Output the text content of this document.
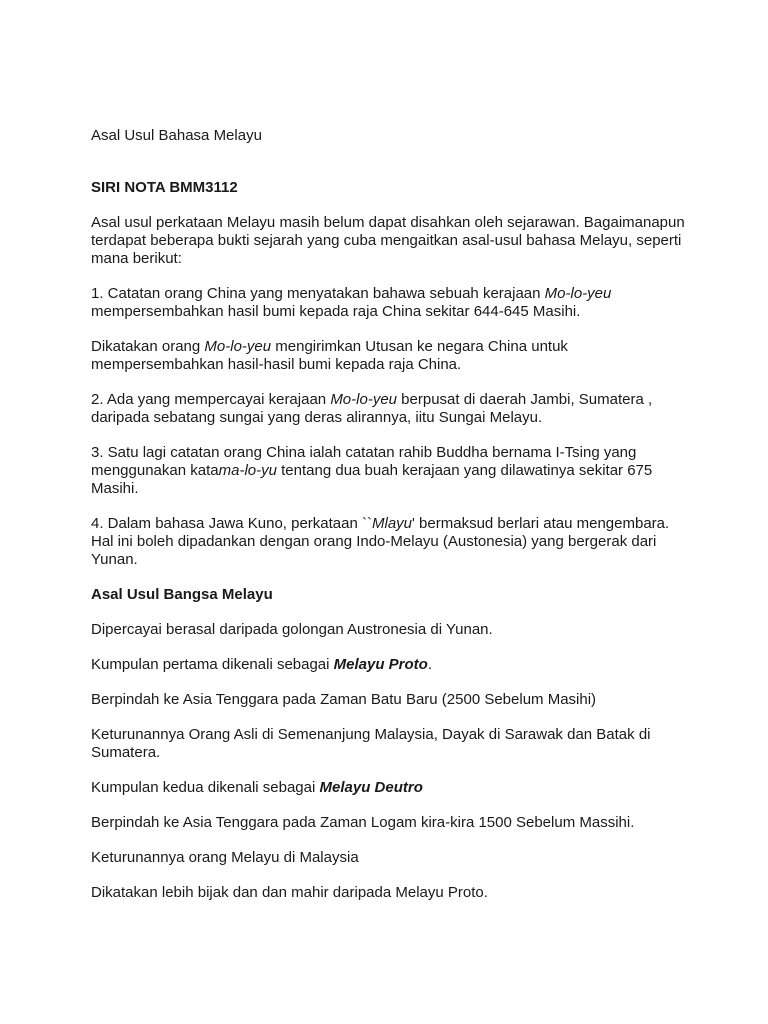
Asal Usul Bahasa Melayu

SIRI NOTA BMM3112

Asal usul perkataan Melayu masih belum dapat disahkan oleh sejarawan. Bagaimanapun terdapat beberapa bukti sejarah yang cuba mengaitkan asal-usul bahasa Melayu, seperti mana berikut:

1. Catatan orang China yang menyatakan bahawa sebuah kerajaan Mo-lo-yeu mempersembahkan hasil bumi kepada raja China sekitar 644-645 Masihi.

Dikatakan orang Mo-lo-yeu mengirimkan Utusan ke negara China untuk mempersembahkan hasil-hasil bumi kepada raja China.

2. Ada yang mempercayai kerajaan Mo-lo-yeu berpusat di daerah Jambi, Sumatera , daripada sebatang sungai yang deras alirannya, iitu Sungai Melayu.

3. Satu lagi catatan orang China ialah catatan rahib Buddha bernama I-Tsing yang menggunakan katama-lo-yu tentang dua buah kerajaan yang dilawatinya sekitar 675 Masihi.

4. Dalam bahasa Jawa Kuno, perkataan ``Mlayu' bermaksud berlari atau mengembara. Hal ini boleh dipadankan dengan orang Indo-Melayu (Austonesia) yang bergerak dari Yunan.

Asal Usul Bangsa Melayu

Dipercayai berasal daripada golongan Austronesia di Yunan.

Kumpulan pertama dikenali sebagai Melayu Proto.

Berpindah ke Asia Tenggara pada Zaman Batu Baru (2500 Sebelum Masihi)

Keturunannya Orang Asli di Semenanjung Malaysia, Dayak di Sarawak dan Batak di Sumatera.

Kumpulan kedua dikenali sebagai Melayu Deutro

Berpindah ke Asia Tenggara pada Zaman Logam kira-kira 1500 Sebelum Massihi.

Keturunannya orang Melayu di Malaysia

Dikatakan lebih bijak dan dan mahir daripada Melayu Proto.
